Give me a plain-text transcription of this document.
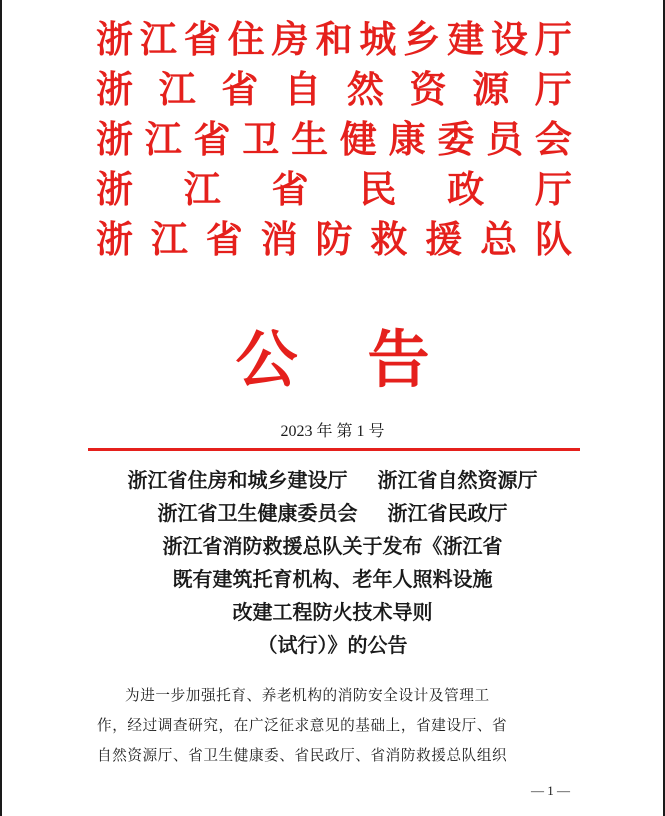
浙 江 省 住 房 和 城 乡 建 设 厅
浙 江 省 自 然 资 源 厅
浙 江 省 卫 生 健 康 委 员 会
浙 江 省 民 政 厅
浙 江 省 消 防 救 援 总 队
公告
2023 年 第 1 号
浙江省住房和城乡建设厅 浙江省自然资源厅
浙江省卫生健康委员会 浙江省民政厅
浙江省消防救援总队关于发布《浙江省
既有建筑托育机构、老年人照料设施
改建工程防火技术导则
（试行）》的公告
为进一步加强托育、养老机构的消防安全设计及管理工
作，经过调查研究，在广泛征求意见的基础上，省建设厅、省
自然资源厅、省卫生健康委、省民政厅、省消防救援总队组织
— 1 —
